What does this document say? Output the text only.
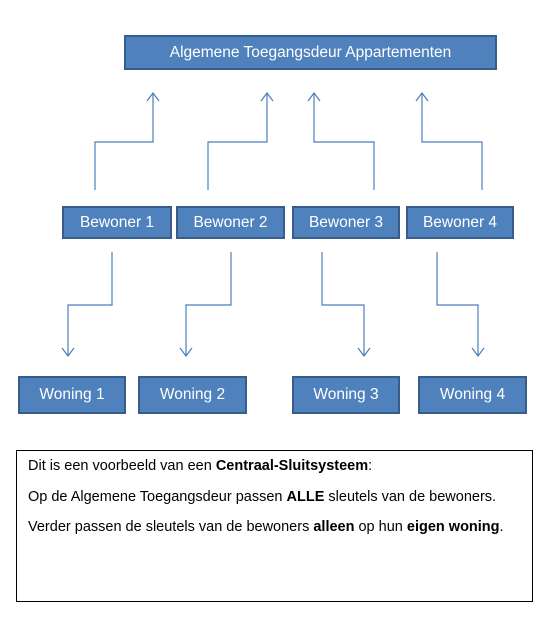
Algemene Toegangsdeur Appartementen
Bewoner 1	Bewoner 2	Bewoner 3	Bewoner 4
Woning 1	Woning 2	Woning 3	Woning 4

Dit is een voorbeeld van een Centraal-Sluitsysteem:

Op de Algemene Toegangsdeur passen ALLE sleutels van de bewoners.

Verder passen de sleutels van de bewoners alleen op hun eigen woning.
